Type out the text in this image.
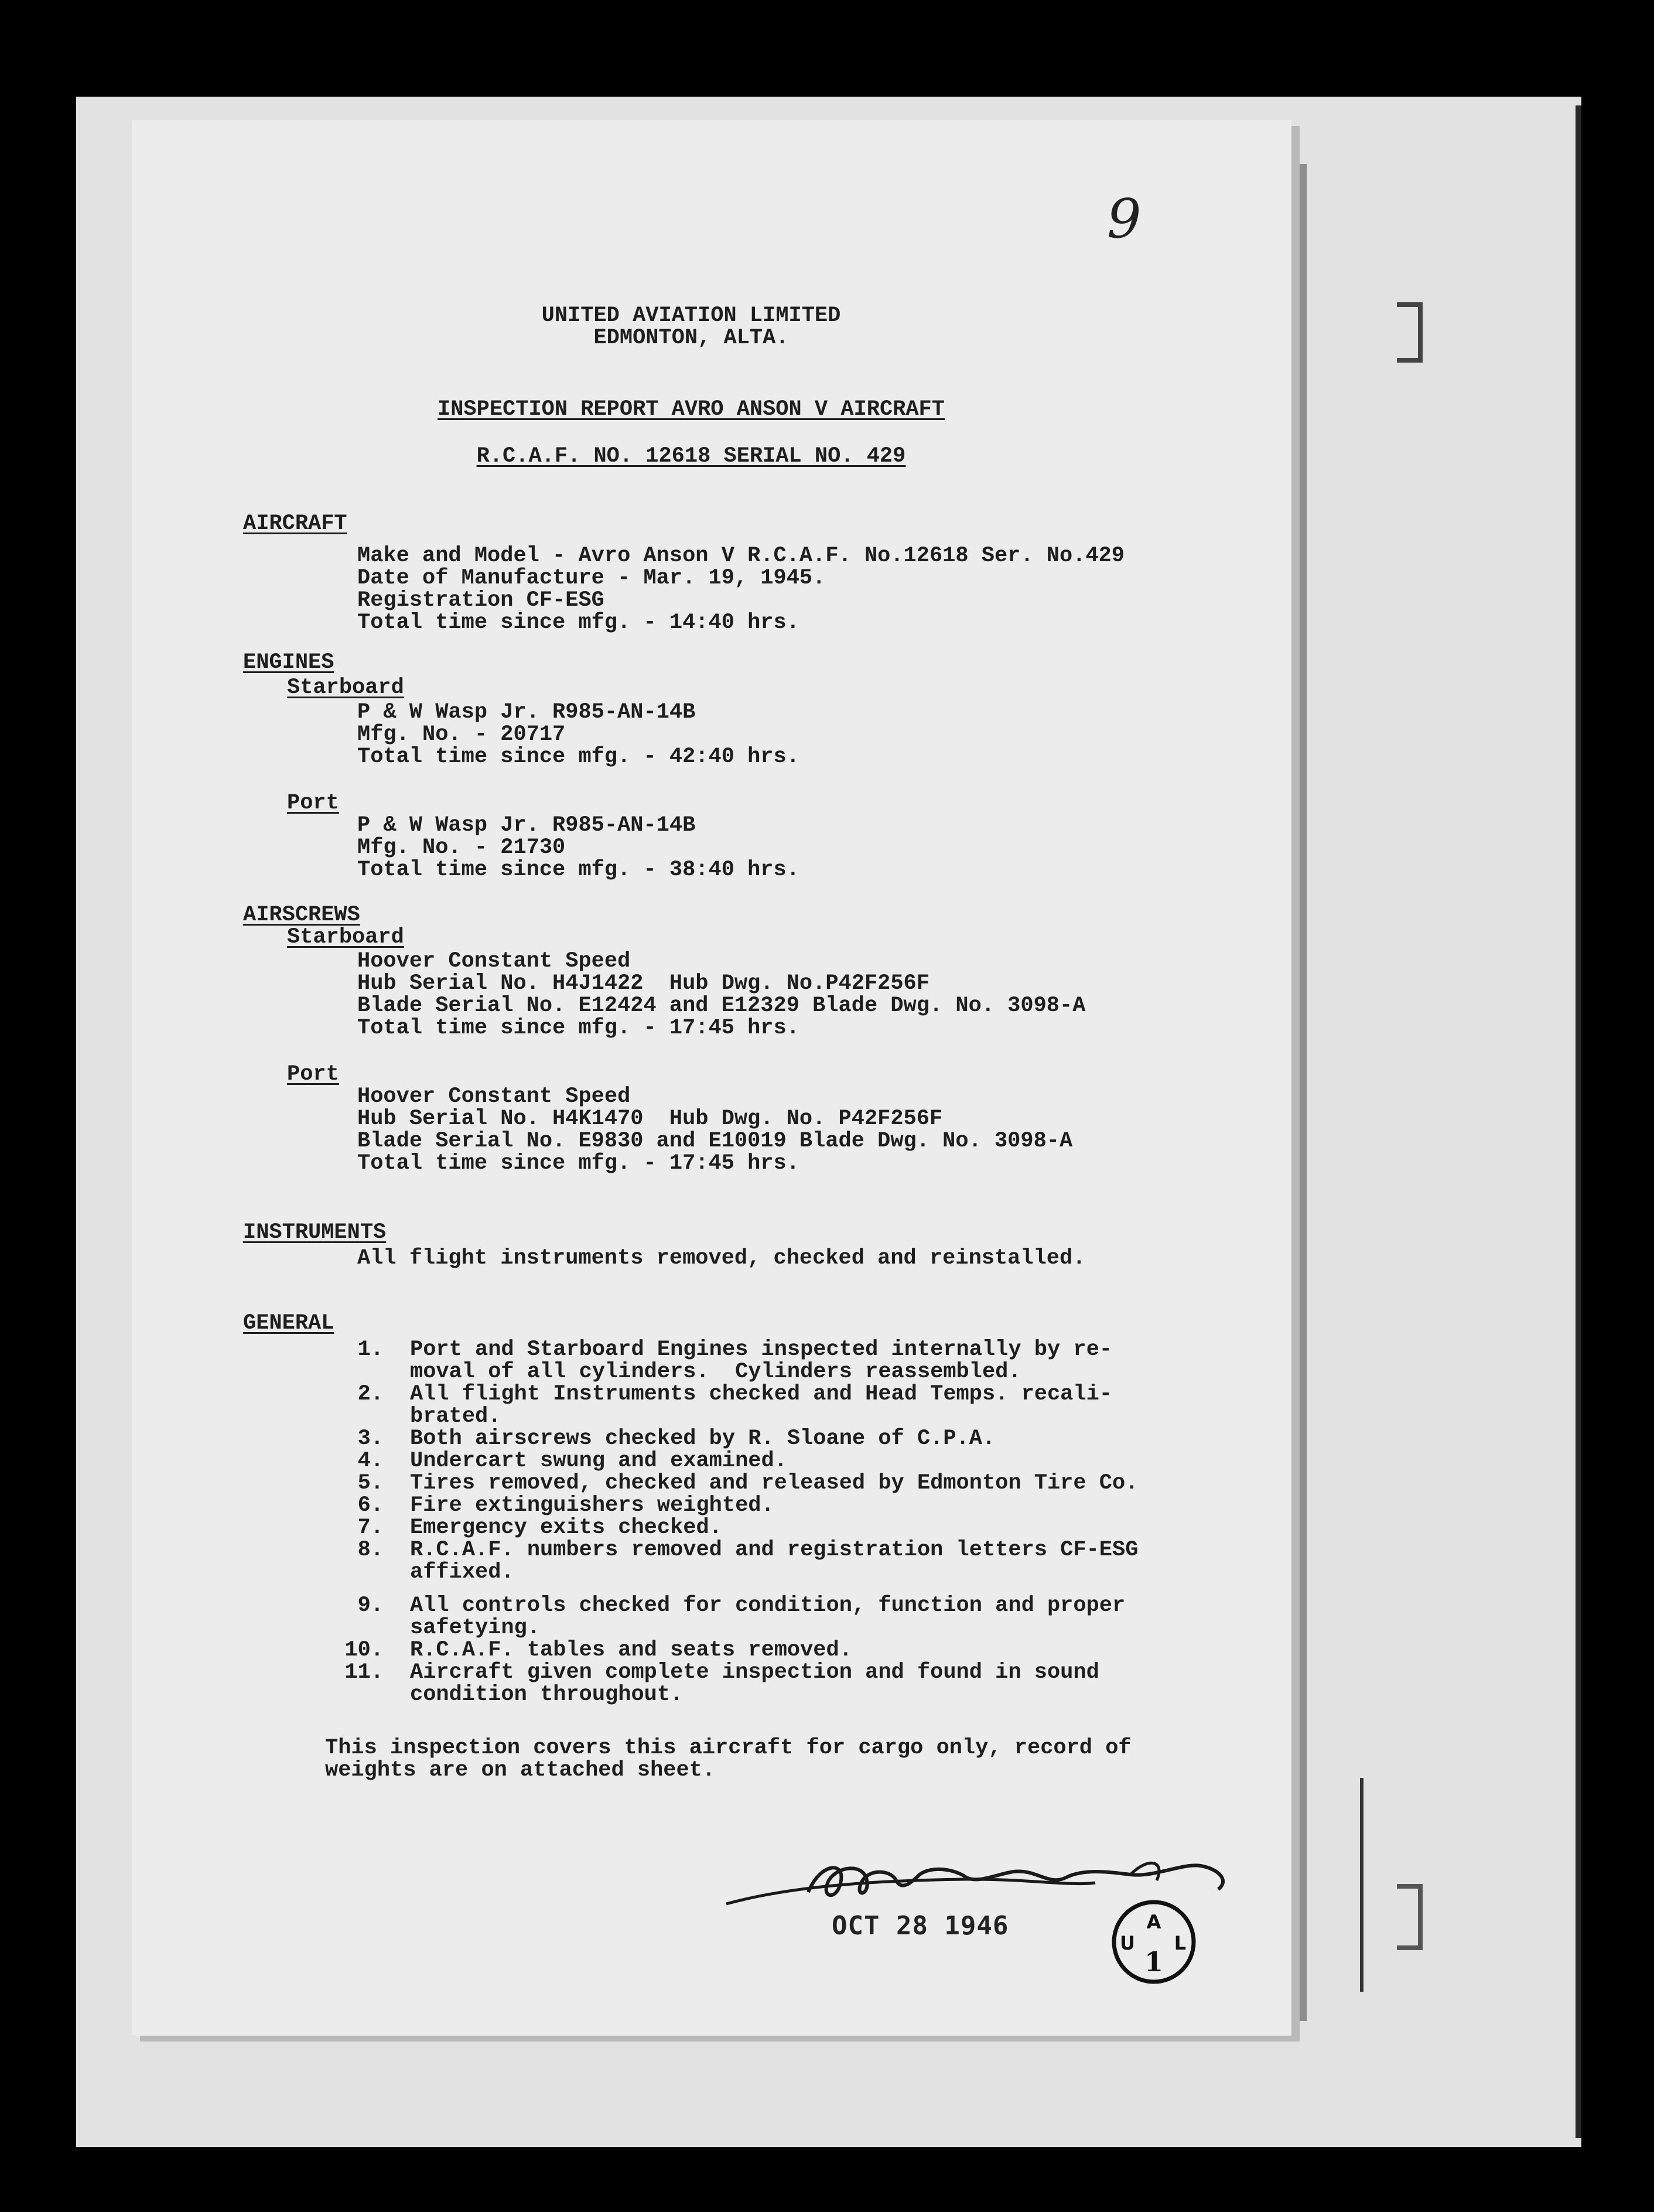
9
UNITED AVIATION LIMITED
EDMONTON, ALTA.
INSPECTION REPORT AVRO ANSON V AIRCRAFT
R.C.A.F. NO. 12618 SERIAL NO. 429
AIRCRAFT
Make and Model - Avro Anson V R.C.A.F. No.12618 Ser. No.429
Date of Manufacture - Mar. 19, 1945.
Registration CF-ESG
Total time since mfg. - 14:40 hrs.
ENGINES
Starboard
P & W Wasp Jr. R985-AN-14B
Mfg. No. - 20717
Total time since mfg. - 42:40 hrs.
Port
P & W Wasp Jr. R985-AN-14B
Mfg. No. - 21730
Total time since mfg. - 38:40 hrs.
AIRSCREWS
Starboard
Hoover Constant Speed
Hub Serial No. H4J1422  Hub Dwg. No.P42F256F
Blade Serial No. E12424 and E12329 Blade Dwg. No. 3098-A
Total time since mfg. - 17:45 hrs.
Port
Hoover Constant Speed
Hub Serial No. H4K1470  Hub Dwg. No. P42F256F
Blade Serial No. E9830 and E10019 Blade Dwg. No. 3098-A
Total time since mfg. - 17:45 hrs.
INSTRUMENTS
All flight instruments removed, checked and reinstalled.
GENERAL
1. Port and Starboard Engines inspected internally by re-
moval of all cylinders.  Cylinders reassembled.
2. All flight Instruments checked and Head Temps. recali-
brated.
3. Both airscrews checked by R. Sloane of C.P.A.
4. Undercart swung and examined.
5. Tires removed, checked and released by Edmonton Tire Co.
6. Fire extinguishers weighted.
7. Emergency exits checked.
8. R.C.A.F. numbers removed and registration letters CF-ESG
affixed.
9. All controls checked for condition, function and proper
safetying.
10. R.C.A.F. tables and seats removed.
11. Aircraft given complete inspection and found in sound
condition throughout.
This inspection covers this aircraft for cargo only, record of
weights are on attached sheet.
OCT 28 1946	A
U L
1
